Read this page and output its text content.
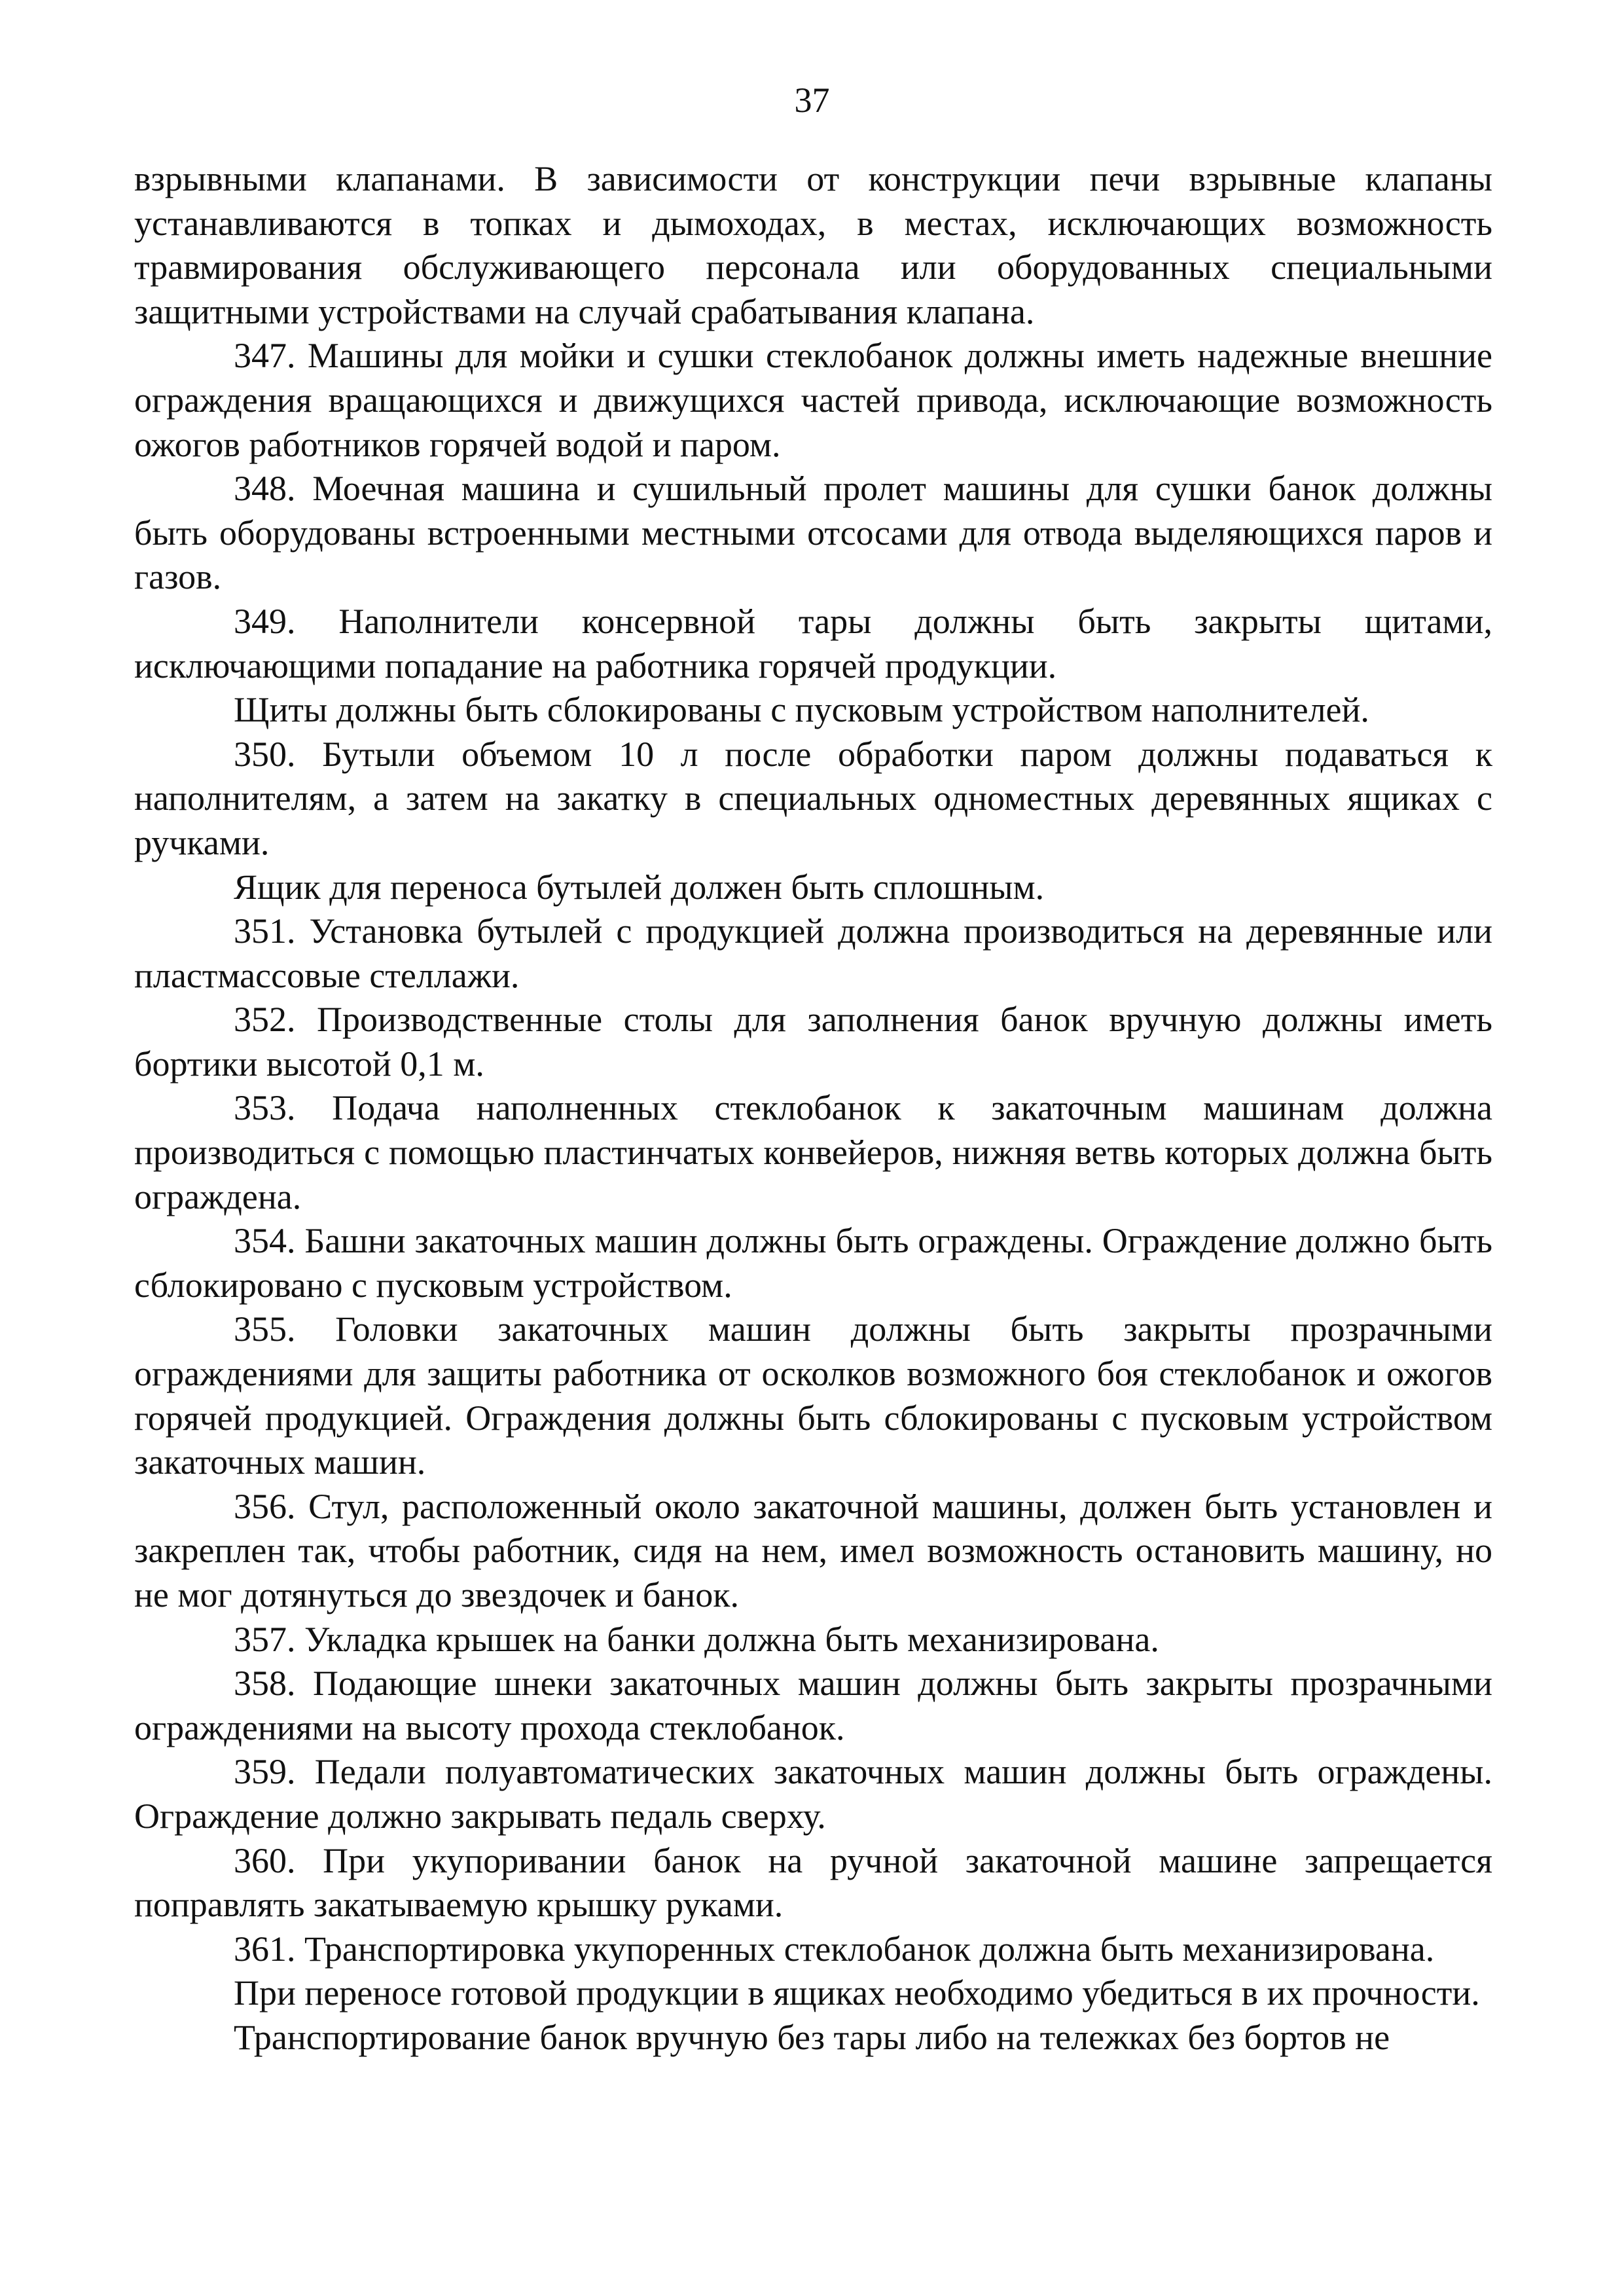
37

взрывными клапанами. В зависимости от конструкции печи взрывные клапаны устанавливаются в топках и дымоходах, в местах, исключающих возможность травмирования обслуживающего персонала или оборудованных специальными защитными устройствами на случай срабатывания клапана.

347. Машины для мойки и сушки стеклобанок должны иметь надежные внешние ограждения вращающихся и движущихся частей привода, исключающие возможность ожогов работников горячей водой и паром.

348. Моечная машина и сушильный пролет машины для сушки банок должны быть оборудованы встроенными местными отсосами для отвода выделяющихся паров и газов.

349. Наполнители консервной тары должны быть закрыты щитами, исключающими попадание на работника горячей продукции.

Щиты должны быть сблокированы с пусковым устройством наполнителей.

350. Бутыли объемом 10 л после обработки паром должны подаваться к наполнителям, а затем на закатку в специальных одноместных деревянных ящиках с ручками.

Ящик для переноса бутылей должен быть сплошным.

351. Установка бутылей с продукцией должна производиться на деревянные или пластмассовые стеллажи.

352. Производственные столы для заполнения банок вручную должны иметь бортики высотой 0,1 м.

353. Подача наполненных стеклобанок к закаточным машинам должна производиться с помощью пластинчатых конвейеров, нижняя ветвь которых должна быть ограждена.

354. Башни закаточных машин должны быть ограждены. Ограждение должно быть сблокировано с пусковым устройством.

355. Головки закаточных машин должны быть закрыты прозрачными ограждениями для защиты работника от осколков возможного боя стеклобанок и ожогов горячей продукцией. Ограждения должны быть сблокированы с пусковым устройством закаточных машин.

356. Стул, расположенный около закаточной машины, должен быть установлен и закреплен так, чтобы работник, сидя на нем, имел возможность остановить машину, но не мог дотянуться до звездочек и банок.

357. Укладка крышек на банки должна быть механизирована.

358. Подающие шнеки закаточных машин должны быть закрыты прозрачными ограждениями на высоту прохода стеклобанок.

359. Педали полуавтоматических закаточных машин должны быть ограждены. Ограждение должно закрывать педаль сверху.

360. При укупоривании банок на ручной закаточной машине запрещается поправлять закатываемую крышку руками.

361. Транспортировка укупоренных стеклобанок должна быть механизирована.

При переносе готовой продукции в ящиках необходимо убедиться в их прочности.

Транспортирование банок вручную без тары либо на тележках без бортов не
